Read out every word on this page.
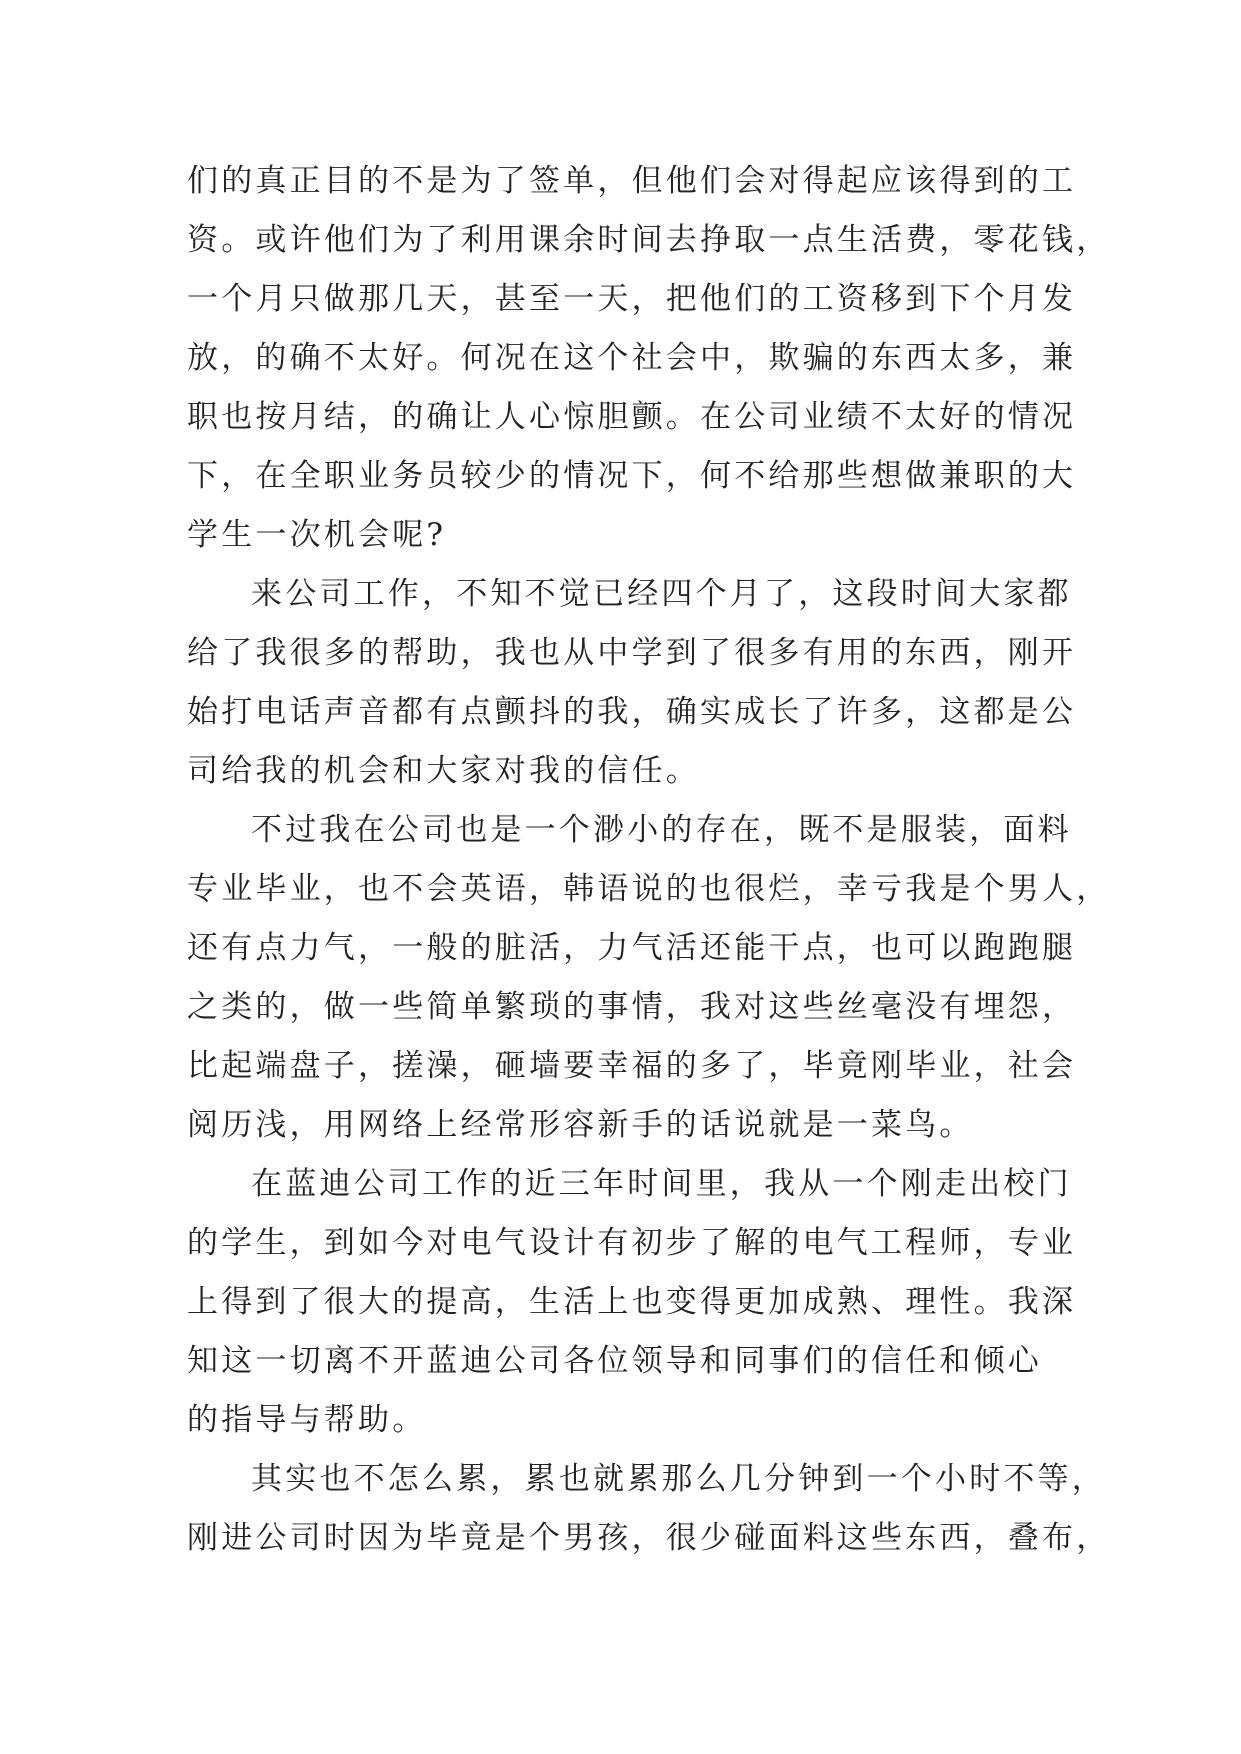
们的真正目的不是为了签单，但他们会对得起应该得到的工
资。或许他们为了利用课余时间去挣取一点生活费，零花钱，
一个月只做那几天，甚至一天，把他们的工资移到下个月发
放，的确不太好。何况在这个社会中，欺骗的东西太多，兼
职也按月结，的确让人心惊胆颤。在公司业绩不太好的情况
下，在全职业务员较少的情况下，何不给那些想做兼职的大
学生一次机会呢?
来公司工作，不知不觉已经四个月了，这段时间大家都
给了我很多的帮助，我也从中学到了很多有用的东西，刚开
始打电话声音都有点颤抖的我，确实成长了许多，这都是公
司给我的机会和大家对我的信任。
不过我在公司也是一个渺小的存在，既不是服装，面料
专业毕业，也不会英语，韩语说的也很烂，幸亏我是个男人，
还有点力气，一般的脏活，力气活还能干点，也可以跑跑腿
之类的，做一些简单繁琐的事情，我对这些丝毫没有埋怨，
比起端盘子，搓澡，砸墙要幸福的多了，毕竟刚毕业，社会
阅历浅，用网络上经常形容新手的话说就是一菜鸟。
在蓝迪公司工作的近三年时间里，我从一个刚走出校门
的学生，到如今对电气设计有初步了解的电气工程师，专业
上得到了很大的提高，生活上也变得更加成熟、理性。我深
知这一切离不开蓝迪公司各位领导和同事们的信任和倾心
的指导与帮助。
其实也不怎么累，累也就累那么几分钟到一个小时不等，
刚进公司时因为毕竟是个男孩，很少碰面料这些东西，叠布，
